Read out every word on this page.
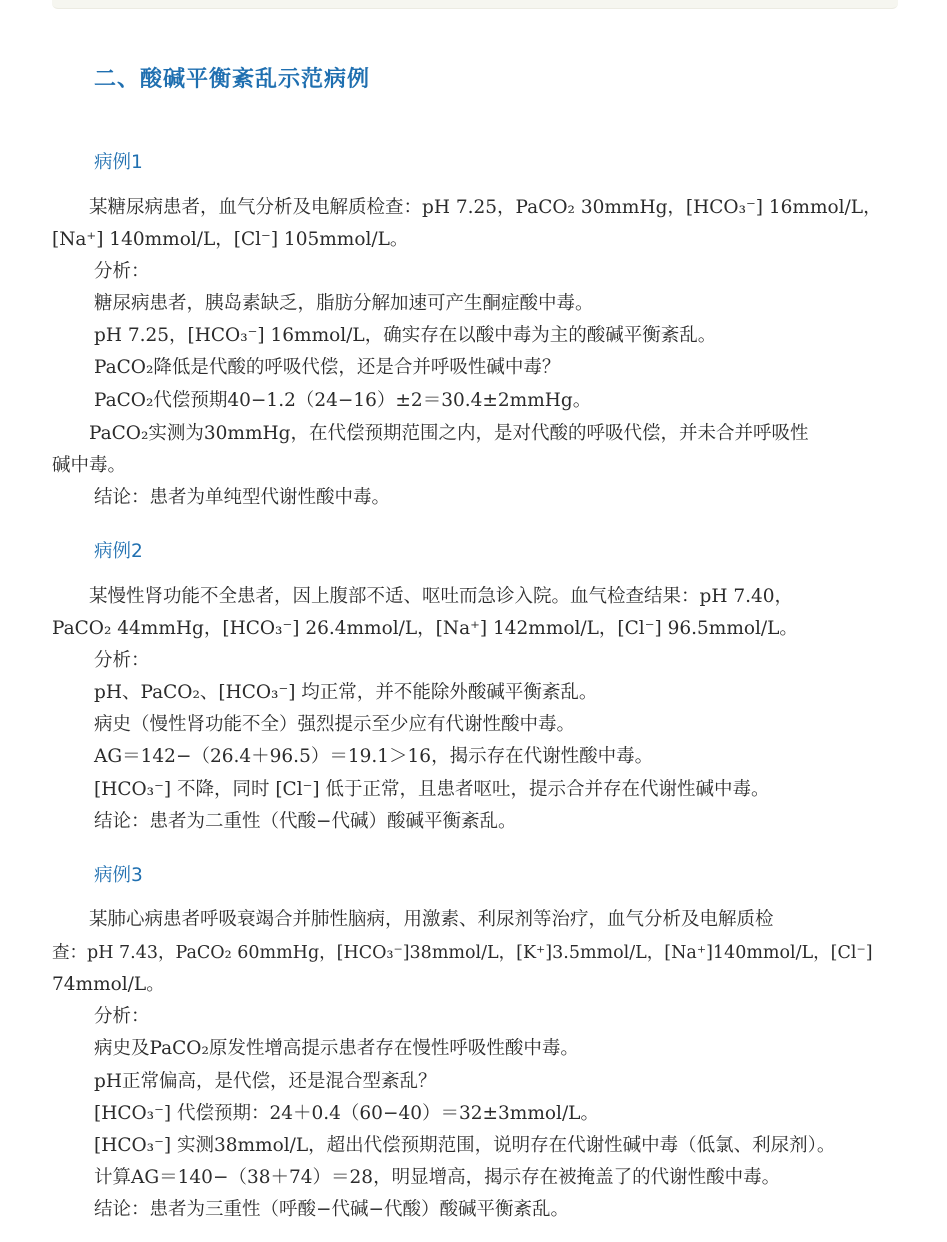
二、酸碱平衡紊乱示范病例
病例1
　　某糖尿病患者，血气分析及电解质检查：pH 7.25，PaCO₂ 30mmHg，[HCO₃⁻] 16mmol/L，
[Na⁺] 140mmol/L，[Cl⁻] 105mmol/L。
分析：
糖尿病患者，胰岛素缺乏，脂肪分解加速可产生酮症酸中毒。
pH 7.25，[HCO₃⁻] 16mmol/L，确实存在以酸中毒为主的酸碱平衡紊乱。
PaCO₂降低是代酸的呼吸代偿，还是合并呼吸性碱中毒？
PaCO₂代偿预期40−1.2（24−16）±2＝30.4±2mmHg。
　　PaCO₂实测为30mmHg，在代偿预期范围之内，是对代酸的呼吸代偿，并未合并呼吸性
碱中毒。
结论：患者为单纯型代谢性酸中毒。
病例2
　　某慢性肾功能不全患者，因上腹部不适、呕吐而急诊入院。血气检查结果：pH 7.40，
PaCO₂ 44mmHg，[HCO₃⁻] 26.4mmol/L，[Na⁺] 142mmol/L，[Cl⁻] 96.5mmol/L。
分析：
pH、PaCO₂、[HCO₃⁻] 均正常，并不能除外酸碱平衡紊乱。
病史（慢性肾功能不全）强烈提示至少应有代谢性酸中毒。
AG＝142−（26.4＋96.5）＝19.1＞16，揭示存在代谢性酸中毒。
[HCO₃⁻] 不降，同时 [Cl⁻] 低于正常，且患者呕吐，提示合并存在代谢性碱中毒。
结论：患者为二重性（代酸−代碱）酸碱平衡紊乱。
病例3
　　某肺心病患者呼吸衰竭合并肺性脑病，用激素、利尿剂等治疗，血气分析及电解质检
查：pH 7.43，PaCO₂ 60mmHg，[HCO₃⁻]38mmol/L，[K⁺]3.5mmol/L，[Na⁺]140mmol/L，[Cl⁻]
74mmol/L。
分析：
病史及PaCO₂原发性增高提示患者存在慢性呼吸性酸中毒。
pH正常偏高，是代偿，还是混合型紊乱？
[HCO₃⁻] 代偿预期：24＋0.4（60−40）＝32±3mmol/L。
[HCO₃⁻] 实测38mmol/L，超出代偿预期范围，说明存在代谢性碱中毒（低氯、利尿剂）。
计算AG＝140−（38＋74）＝28，明显增高，揭示存在被掩盖了的代谢性酸中毒。
结论：患者为三重性（呼酸−代碱−代酸）酸碱平衡紊乱。
